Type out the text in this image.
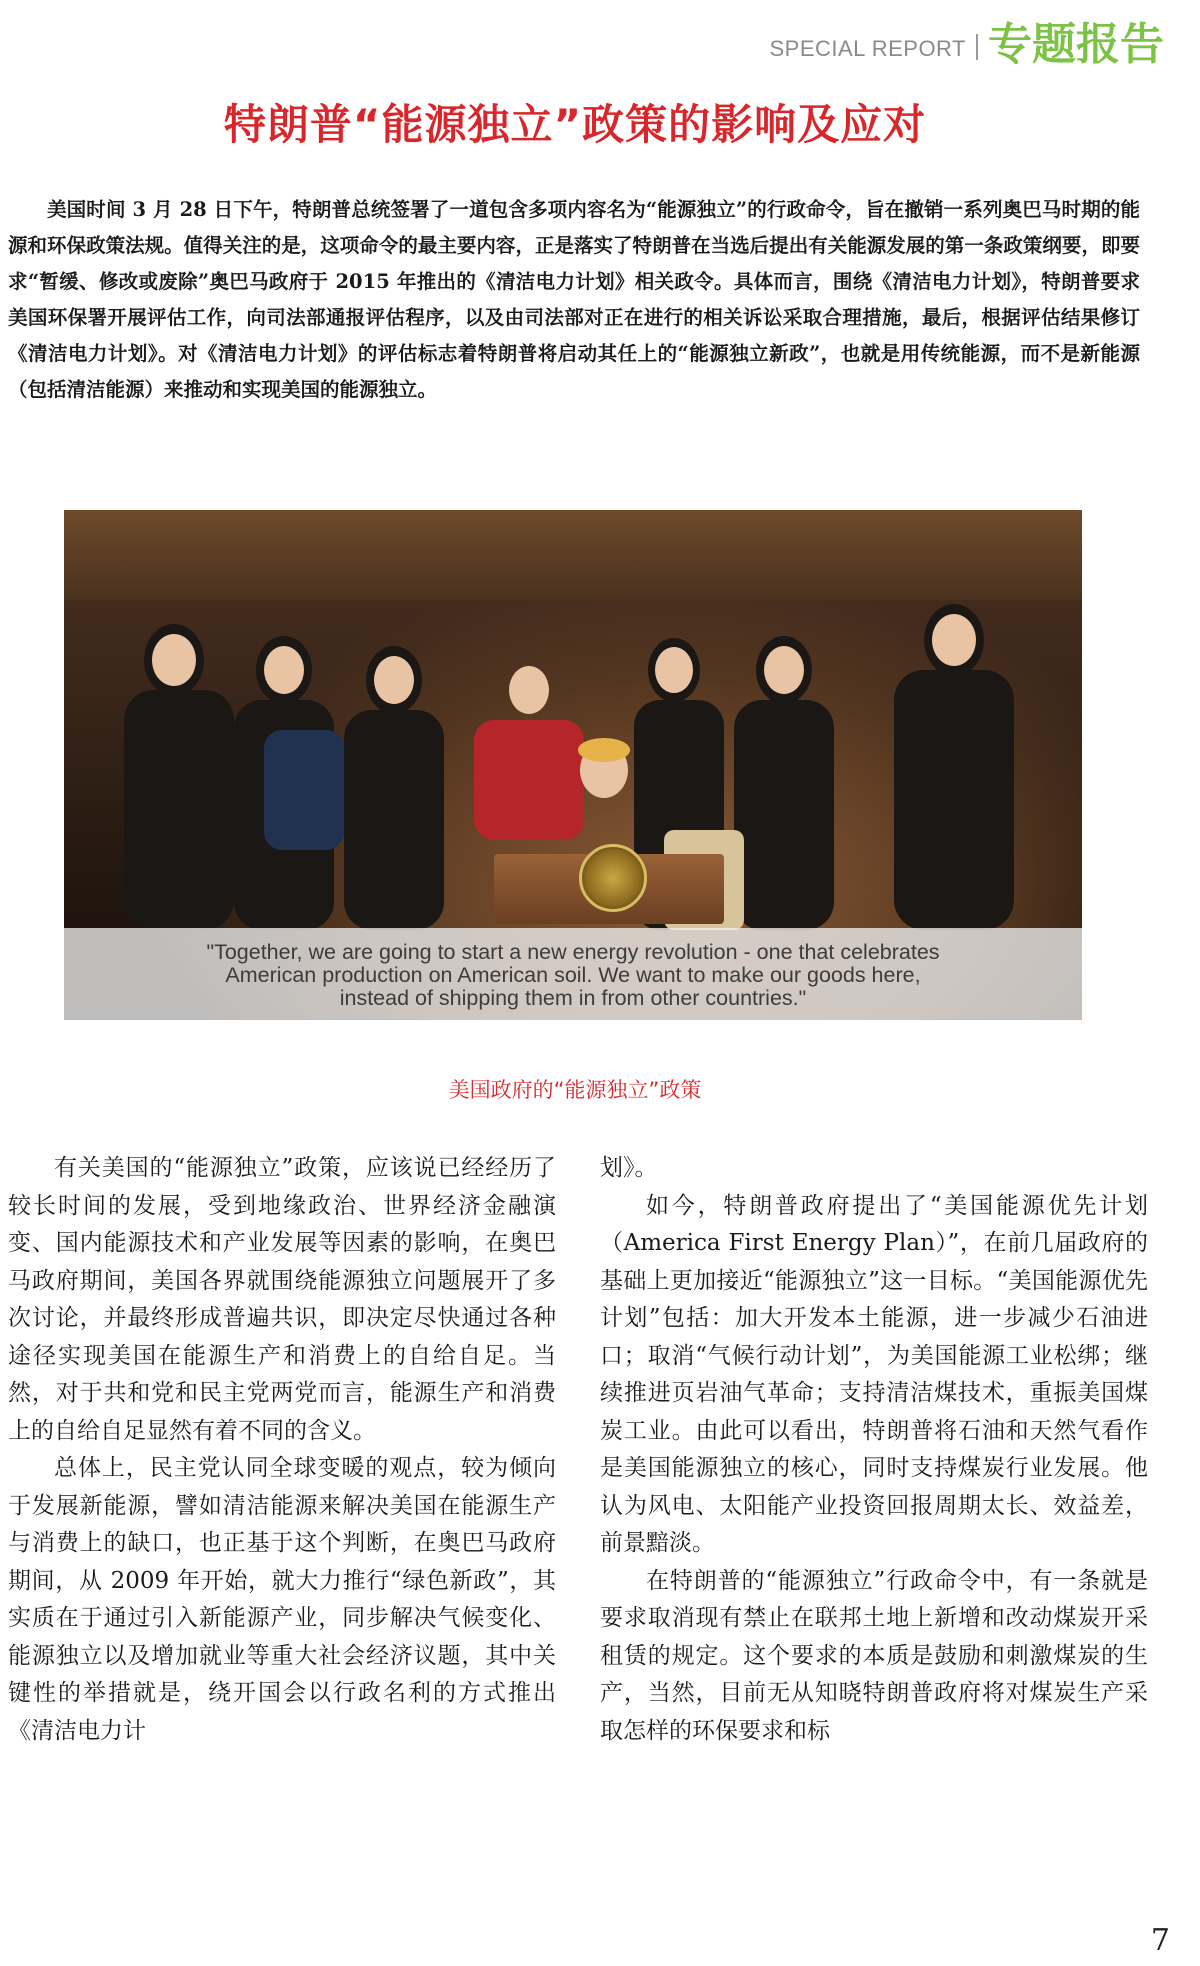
SPECIAL REPORT 专题报告
特朗普“能源独立”政策的影响及应对

美国时间 3 月 28 日下午，特朗普总统签署了一道包含多项内容名为“能源独立”的行政命令，旨在撤销一系列奥巴马时期的能源和环保政策法规。值得关注的是，这项命令的最主要内容，正是落实了特朗普在当选后提出有关能源发展的第一条政策纲要，即要求“暂缓、修改或废除”奥巴马政府于 2015 年推出的《清洁电力计划》相关政令。具体而言，围绕《清洁电力计划》，特朗普要求美国环保署开展评估工作，向司法部通报评估程序，以及由司法部对正在进行的相关诉讼采取合理措施，最后，根据评估结果修订《清洁电力计划》。对《清洁电力计划》的评估标志着特朗普将启动其任上的“能源独立新政”，也就是用传统能源，而不是新能源（包括清洁能源）来推动和实现美国的能源独立。

"Together, we are going to start a new energy revolution - one that celebrates
American production on American soil. We want to make our goods here,
instead of shipping them in from other countries."

美国政府的“能源独立”政策

有关美国的“能源独立”政策，应该说已经经历了较长时间的发展，受到地缘政治、世界经济金融演变、国内能源技术和产业发展等因素的影响，在奥巴马政府期间，美国各界就围绕能源独立问题展开了多次讨论，并最终形成普遍共识，即决定尽快通过各种途径实现美国在能源生产和消费上的自给自足。当然，对于共和党和民主党两党而言，能源生产和消费上的自给自足显然有着不同的含义。

总体上，民主党认同全球变暖的观点，较为倾向于发展新能源，譬如清洁能源来解决美国在能源生产与消费上的缺口，也正基于这个判断，在奥巴马政府期间，从 2009 年开始，就大力推行“绿色新政”，其实质在于通过引入新能源产业，同步解决气候变化、能源独立以及增加就业等重大社会经济议题，其中关键性的举措就是，绕开国会以行政名利的方式推出《清洁电力计

划》。

如今，特朗普政府提出了“美国能源优先计划（America First Energy Plan）”，在前几届政府的基础上更加接近“能源独立”这一目标。“美国能源优先计划”包括：加大开发本土能源，进一步减少石油进口；取消“气候行动计划”，为美国能源工业松绑；继续推进页岩油气革命；支持清洁煤技术，重振美国煤炭工业。由此可以看出，特朗普将石油和天然气看作是美国能源独立的核心，同时支持煤炭行业发展。他认为风电、太阳能产业投资回报周期太长、效益差，前景黯淡。

在特朗普的“能源独立”行政命令中，有一条就是要求取消现有禁止在联邦土地上新增和改动煤炭开采租赁的规定。这个要求的本质是鼓励和刺激煤炭的生产，当然，目前无从知晓特朗普政府将对煤炭生产采取怎样的环保要求和标

7
